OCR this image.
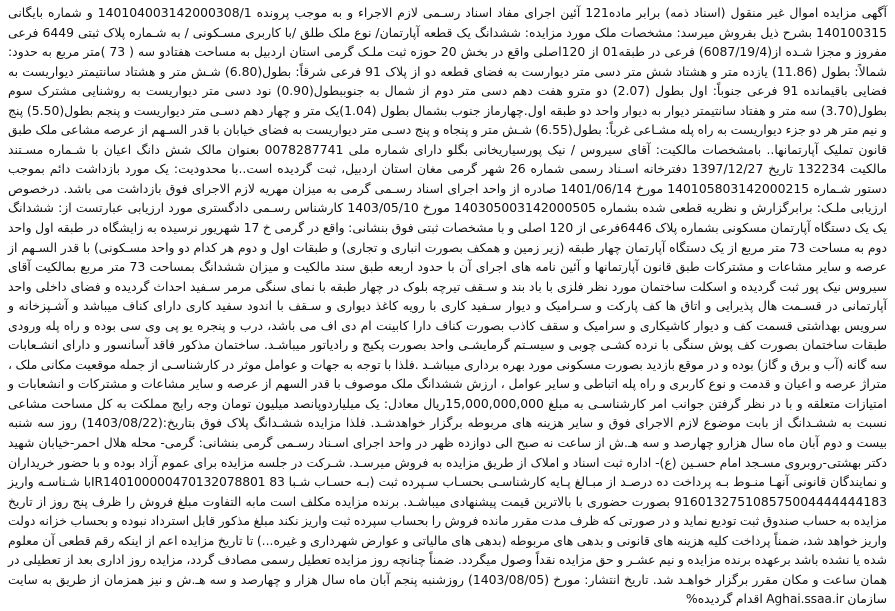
آگهی مزایده اموال غیر منقول (اسناد ذمه) برابر ماده121 آئین اجرای مفاد اسناد رسـمی لازم الاجراء و به موجب پرونده 140104003142000308/1 و شماره بایگانی 140100315 بشرح ذیل بفروش میرسد: مشخصات ملک مورد مزایده: ششدانگ یک قطعه آپارتمان/ نوع ملک طلق /با کاربری مسـکونی / به شـماره پلاک ثبتی 6449 فرعی مفروز و مجزا شـده از(6087/19/4) فرعی در طبقه01 از 120اصلی واقع در بخش 20 حوزه ثبت ملـک گرمی استان اردبیل به مساحت هفتادو سه ( 73 )متر مربع به حدود: شمالاً: بطول (11.86) یازده متر و هشتاد شش متر دسی متر دیوارست به فضای قطعه دو از پلاک 91 فرعی شرقاً: بطول(6.80) شـش متر و هشتاد سانتیمتر دیواریست به فضایی باقیمانده 91 فرعی جنوباً: اول بطول (2.07) دو مترو هفت دهم دسی متر دوم از شمال به جنوببطول(0.90) نود دسی متر دیواریست به روشنایی مشترک سوم بطول(3.70) سه متر و هفتاد سانتیمتر دیوار به دیوار واحد دو طبقه اول.چهارماز جنوب بشمال بطول (1.04)یک متر و چهار دهم دسـی متر دیواریست و پنجم بطول(5.50) پنج و نیم متر هر دو جزء دیواریست به راه پله مشـاعی غرباً: بطول(6.55) شـش متر و پنجاه و پنج دسـی متر دیواریست به فضای خیابان با قدر السـهم از عرصه مشاعی ملک طبق قانون تملیک آپارتمانها.. بامشخصات مالکیت: آقای سیروس / نیک پورسیاریخانی بگلو دارای شماره ملی 0078287741 بعنوان مالک شش دانگ اعیان با شـماره مسـتند مالکیت 132234 تاریخ 1397/12/27 دفترخانه اسـناد رسمی شماره 26 شهر گرمی مغان استان اردبیل، ثبت گردیده است..با محدودیت: یک مورد بازداشت دائم بموجب دستور شـماره 140105803142000215 مورخ 1401/06/14 صادره از واحد اجرای اسناد رسـمی گرمی به میزان مهریه لازم الاجرای فوق بازداشت می باشد. درخصوص ارزیابی ملـک: برابرگزارش و نظریه قطعی شده بشماره 140305003142000505 مورخ 1403/05/10 کارشناس رسـمی دادگستری مورد ارزیابی عبارتست از: ششدانگ یک یک دستگاه آپارتمان مسکونی بشماره پلاک 6446فرعی از 120 اصلی و با مشخصات ثبتی فوق بنشانی: واقع در گرمی خ 17 شهریور نرسیده به زایشگاه در طبقه اول واحد دوم به مساحت 73 متر مربع از یک دستگاه آپارتمان چهار طبقه (زیر زمین و همکف بصورت انباری و تجاری) و طبقات اول و دوم هر کدام دو واحد مسـکونی) با قدر السـهم از عرصه و سایر مشاعات و مشترکات طبق قانون آپارتمانها و آئین نامه های اجرای آن با حدود اربعه طبق سند مالکیت و میزان ششدانگ بمساحت 73 متر مربع بمالکیت آقای سیروس نیک پور ثبت گردیده و اسکلت ساختمان مورد نظر فلزی با باد بند و سـقف تیرچه بلوک در چهار طبقه با نمای سنگی مرمر سـفید احداث گردیده و فضای داخلی واحد آپارتمانی در قسـمت هال پذیرایی و اتاق ها کف پارکت و سـرامیک و دیوار سـفید کاری با رویه کاغذ دیواری و سـقف با اندود سفید کاری دارای کناف میباشد و آشـپزخانه و سرویس بهداشتی قسمت کف و دیوار کاشیکاری و سرامیک و سقف کاذب بصورت کناف دارا کابینت ام دی اف می باشد، درب و پنجره یو پی وی سی بوده و راه پله ورودی طبقات ساختمان بصورت کف پوش سنگی با نرده کشـی چوبی و سیسـتم گرمایشـی واحد بصورت پکیج و رادیاتور میباشـد. ساختمان مذکور فاقد آسانسور و دارای انشـعابات سه گانه (آب و برق و گاز) بوده و در موقع بازدید بصورت مسکونی مورد بهره برداری میباشـد .فلذا با توجه به جهات و عوامل موثر در کارشناسـی از جمله موقعیت مکانی ملک ، متراژ عرصه و اعیان و قدمت و نوع کاربری و راه پله اتباطی و سایر عوامل ، ارزش ششدانگ ملک موصوف با قدر السهم از عرصه و سایر مشاعات و مشترکات و انشعابات و امتیازات متعلقه و با در نظر گرفتن جوانب امر کارشناسـی به مبلغ 15,000,000,000ریال معادل: یک میلیاردوپانصد میلیون تومان وجه رایج مملکت به کل مساحت مشاعی نسبت به ششـدانگ از بابت موضوع لازم الاجرای فوق و سایر هزینه های مربوطه برگزار خواهدشـد. فلذا مزایده ششـدانگ پلاک فوق بتاریخ:(1403/08/22) روز سه شنبه بیست و دوم آبان ماه سال هزارو چهارصد و سه هـ.ش از ساعت نه صبح الی دوازده ظهر در واحد اجرای اسـناد رسـمی گرمی بنشانی: گرمی- محله هلال احمر-خیابان شهید دکتر بهشتی-روبروی مسـجد امام حسـین (ع)- اداره ثبت اسناد و املاک از طریق مزایده به فروش میرسـد. شـرکت در جلسه مزایده برای عموم آزاد بوده و با حضور خریداران و نمایندگان قانونی آنهـا منـوط بـه پرداخت ده درصـد از مبـالغ پـایه کارشناسـی بحسـاب سـپرده ثبت (بـه حسـاب شـبا IR140100000470132078801 83با شـناسـه واریز 916013275108575004444444183 بصورت حضوری با بالاترین قیمت پیشنهادی میباشـد. برنده مزایده مکلف است مابه التفاوت مبلغ فروش را ظرف پنج روز از تاریخ مزایده به حساب صندوق ثبت توديع نمايد و در صورتی که ظرف مدت مقرر مانده فروش را بحساب سپرده ثبت واریز نکند مبلغ مذکور قابل استرداد نبوده و بحساب خزانه دولت واریز خواهد شد، ضمناً پرداخت کلیه هزینه های قانونی و بدهی های مربوطه (بدهی های مالیاتی و عوارض شهرداری و غیره...) تا تاریخ مزایده اعم از اینکه رقم قطعی آن معلوم شده یا نشده باشد برعهده برنده مزایده و نیم عشـر و حق مزایده نقداً وصول میگردد. ضمناً چنانچه روز مزایده تعطیل رسمی مصادف گردد، مزایده روز اداری بعد از تعطیلی در همان ساعت و مکان مقرر برگزار خواهـد شد. تاریخ انتشار: مورخ (1403/08/05) روزشنبه پنجم آبان ماه سال هزار و چهارصد و سه هـ.ش و نیز همزمان از طریق به سایت سازمان Aghai.ssaa.ir اقدام گردیده%
